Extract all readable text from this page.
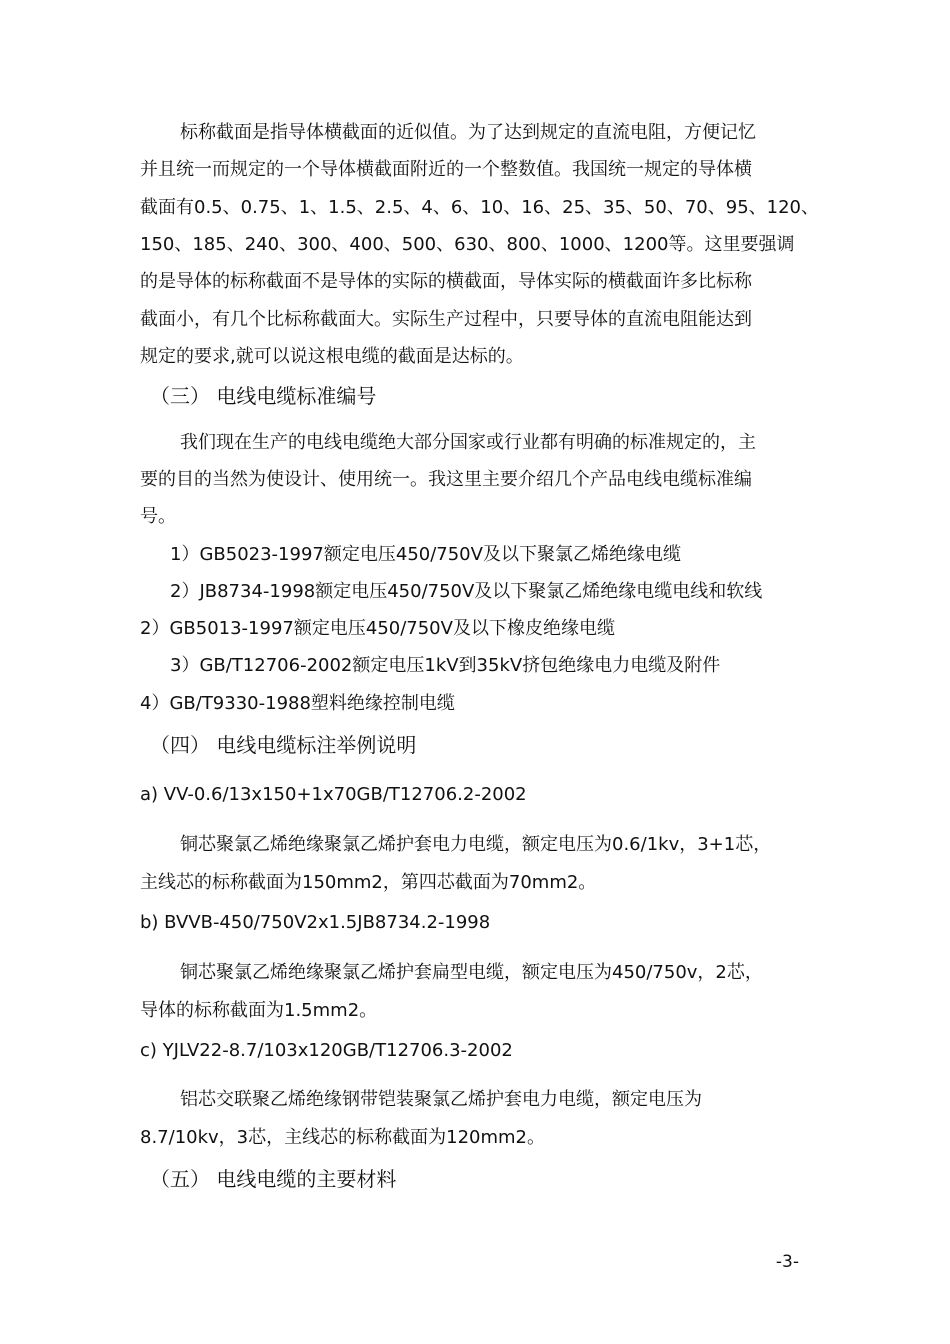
标称截面是指导体横截面的近似值。为了达到规定的直流电阻，方便记忆
并且统一而规定的一个导体横截面附近的一个整数值。我国统一规定的导体横
截面有0.5、0.75、1、1.5、2.5、4、6、10、16、25、35、50、70、95、120、
150、185、240、300、400、500、630、800、1000、1200等。这里要强调
的是导体的标称截面不是导体的实际的横截面，导体实际的横截面许多比标称
截面小，有几个比标称截面大。实际生产过程中，只要导体的直流电阻能达到
规定的要求,就可以说这根电缆的截面是达标的。
（三） 电线电缆标准编号
我们现在生产的电线电缆绝大部分国家或行业都有明确的标准规定的，主
要的目的当然为使设计、使用统一。我这里主要介绍几个产品电线电缆标准编
号。
1）GB5023-1997额定电压450/750V及以下聚氯乙烯绝缘电缆
2）JB8734-1998额定电压450/750V及以下聚氯乙烯绝缘电缆电线和软线
2）GB5013-1997额定电压450/750V及以下橡皮绝缘电缆
3）GB/T12706-2002额定电压1kV到35kV挤包绝缘电力电缆及附件
4）GB/T9330-1988塑料绝缘控制电缆
（四） 电线电缆标注举例说明
a) VV-0.6/13x150+1x70GB/T12706.2-2002
铜芯聚氯乙烯绝缘聚氯乙烯护套电力电缆，额定电压为0.6/1kv，3+1芯，
主线芯的标称截面为150mm2，第四芯截面为70mm2。
b) BVVB-450/750V2x1.5JB8734.2-1998
铜芯聚氯乙烯绝缘聚氯乙烯护套扁型电缆，额定电压为450/750v，2芯，
导体的标称截面为1.5mm2。
c) YJLV22-8.7/103x120GB/T12706.3-2002
铝芯交联聚乙烯绝缘钢带铠装聚氯乙烯护套电力电缆，额定电压为
8.7/10kv，3芯，主线芯的标称截面为120mm2。
（五） 电线电缆的主要材料
-3-
